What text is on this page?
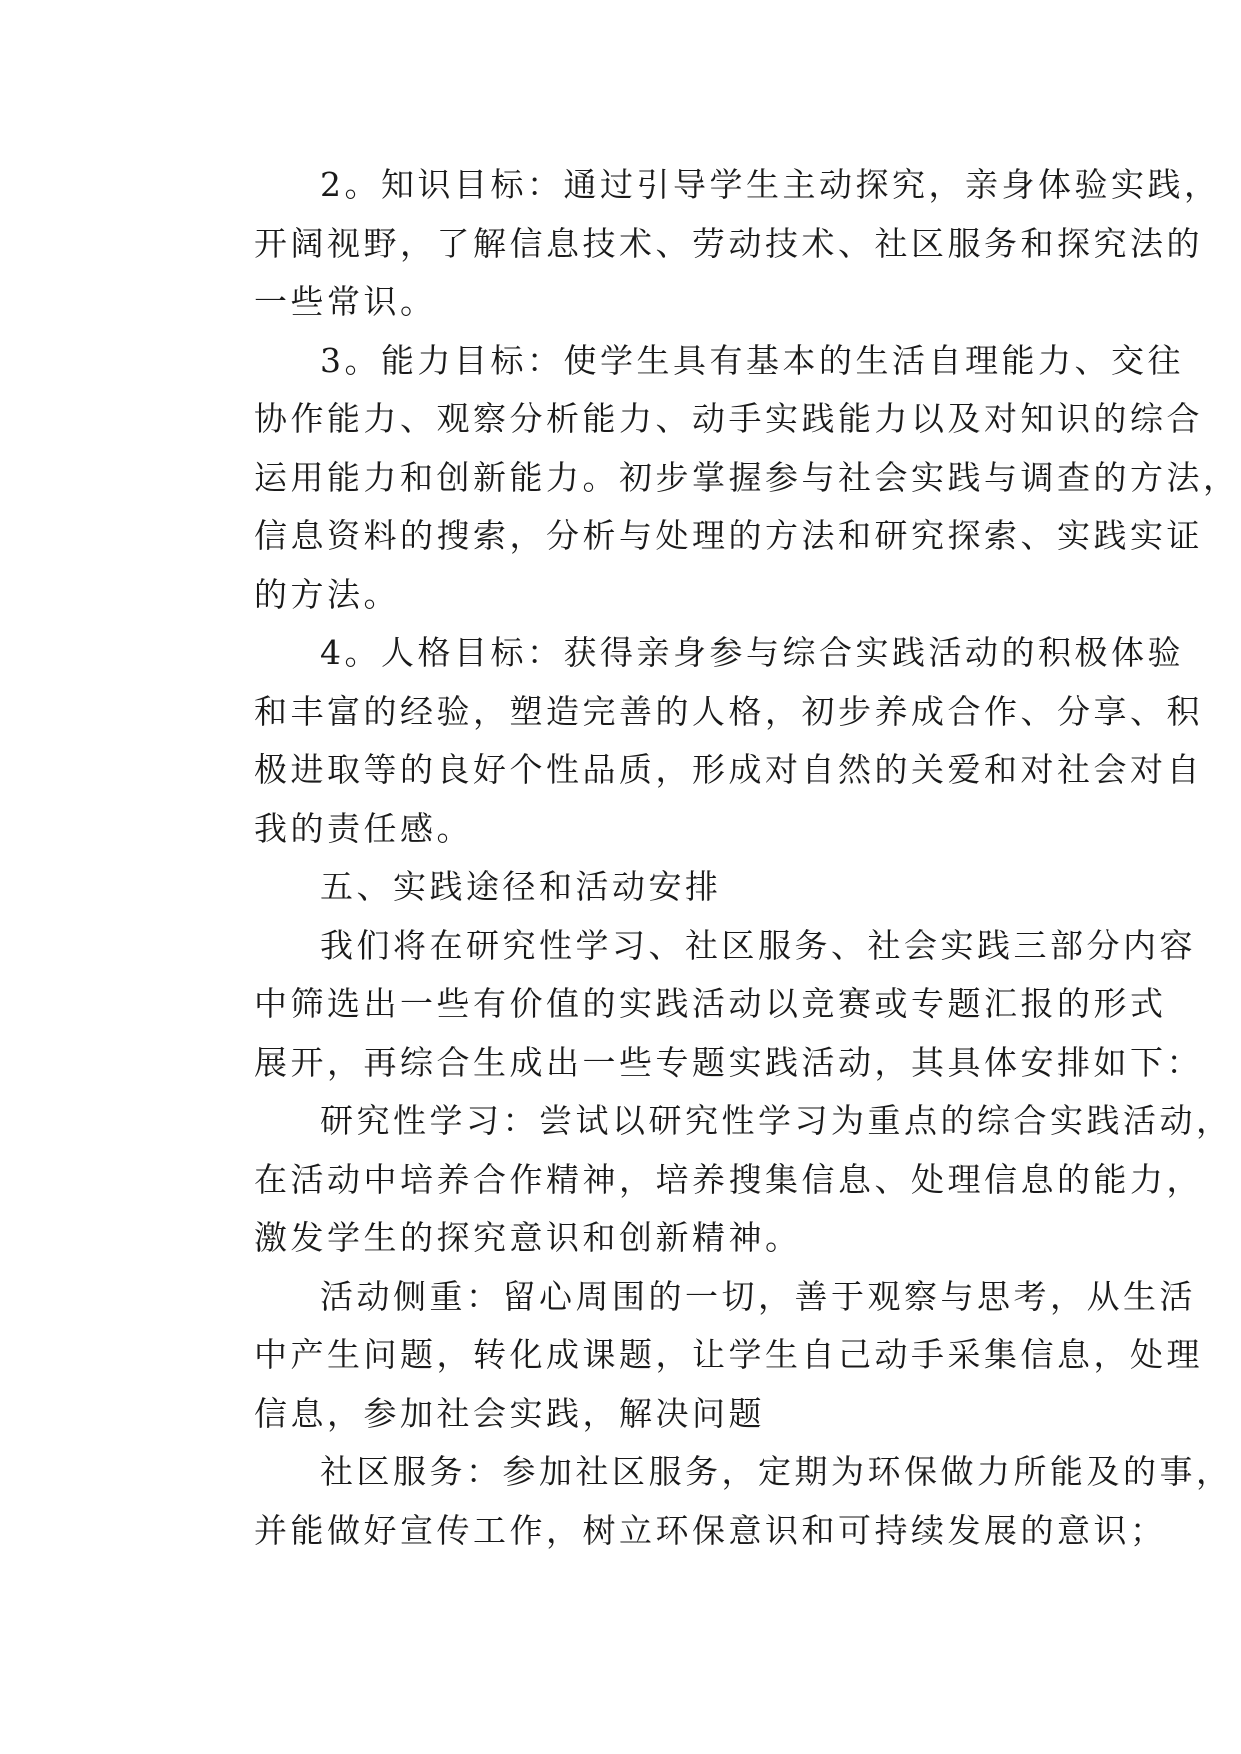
2。知识目标：通过引导学生主动探究，亲身体验实践，
开阔视野，了解信息技术、劳动技术、社区服务和探究法的
一些常识。
3。能力目标：使学生具有基本的生活自理能力、交往
协作能力、观察分析能力、动手实践能力以及对知识的综合
运用能力和创新能力。初步掌握参与社会实践与调查的方法，
信息资料的搜索，分析与处理的方法和研究探索、实践实证
的方法。
4。人格目标：获得亲身参与综合实践活动的积极体验
和丰富的经验，塑造完善的人格，初步养成合作、分享、积
极进取等的良好个性品质，形成对自然的关爱和对社会对自
我的责任感。
五、实践途径和活动安排
我们将在研究性学习、社区服务、社会实践三部分内容
中筛选出一些有价值的实践活动以竞赛或专题汇报的形式
展开，再综合生成出一些专题实践活动，其具体安排如下：
研究性学习：尝试以研究性学习为重点的综合实践活动，
在活动中培养合作精神，培养搜集信息、处理信息的能力，
激发学生的探究意识和创新精神。
活动侧重：留心周围的一切，善于观察与思考，从生活
中产生问题，转化成课题，让学生自己动手采集信息，处理
信息，参加社会实践，解决问题
社区服务：参加社区服务，定期为环保做力所能及的事，
并能做好宣传工作，树立环保意识和可持续发展的意识；
